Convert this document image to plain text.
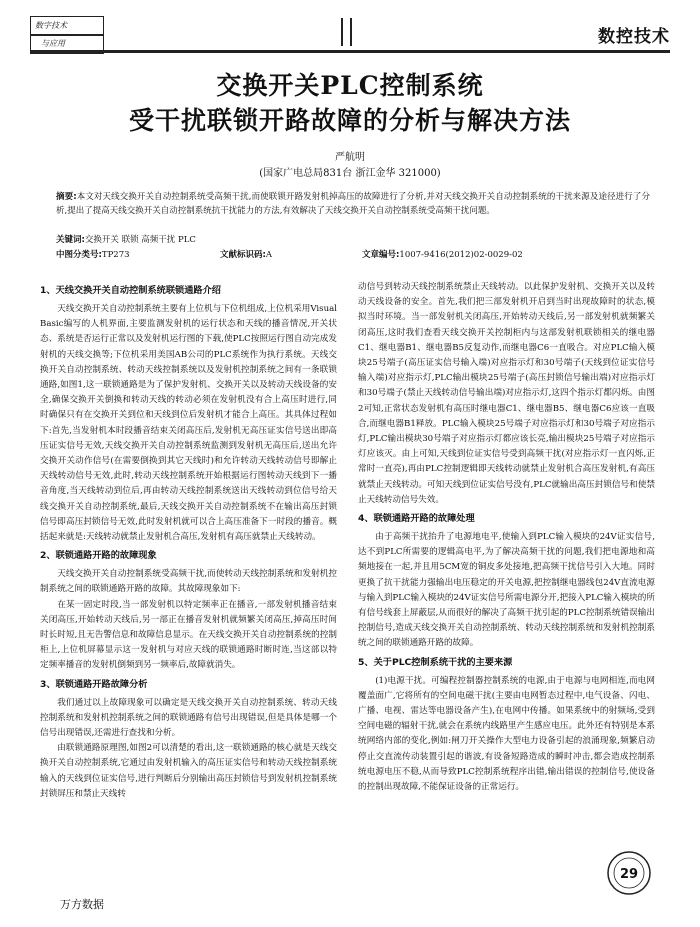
数字技术
与应用	数控技术
交换开关PLC控制系统
受干扰联锁开路故障的分析与解决方法
严航明
(国家广电总局831台 浙江金华 321000)
摘要:本文对天线交换开关自动控制系统受高频干扰,而使联锁开路发射机掉高压的故障进行了分析,并对天线交换开关自动控制系统的干扰来源及途径进行了分析,提出了提高天线交换开关自动控制系统抗干扰能力的方法,有效解决了天线交换开关自动控制系统受高频干扰问题。
关键词:交换开关 联锁 高频干扰 PLC
中图分类号:TP273	文献标识码:A	文章编号:1007-9416(2012)02-0029-02
1、天线交换开关自动控制系统联锁通路介绍

天线交换开关自动控制系统主要有上位机与下位机组成,上位机采用Visual Basic编写的人机界面,主要监测发射机的运行状态和天线的播音情况,开关状态、系统是否运行正常以及发射机运行图的下载,使PLC按照运行图自动完成发射机的天线交换等;下位机采用美国AB公司的PLC系统作为执行系统。天线交换开关自动控制系统、转动天线控制系统以及发射机控制系统之间有一条联锁通路,如图1,这一联锁通路是为了保护发射机、交换开关以及转动天线设备的安全,确保交换开关倒换和转动天线的转动必须在发射机没有合上高压时进行,同时确保只有在交换开关到位和天线到位后发射机才能合上高压。其具体过程如下:首先,当发射机本时段播音结束关闭高压后,发射机无高压证实信号送出即高压证实信号无效,天线交换开关自动控制系统监测到发射机无高压后,送出允许交换开关动作信号(在需要倒换到其它天线时)和允许转动天线转动信号即解止天线转动信号无效,此时,转动天线控制系统开始根据运行图转动天线到下一播音角度,当天线转动到位后,再由转动天线控制系统送出天线转动到位信号给天线交换开关自动控制系统,最后,天线交换开关自动控制系统不在输出高压封锁信号即高压封锁信号无效,此时发射机就可以合上高压准备下一时段的播音。概括起来就是:天线转动就禁止发射机合高压,发射机有高压就禁止天线转动。

2、联锁通路开路的故障现象

天线交换开关自动控制系统受高频干扰,而使转动天线控制系统和发射机控制系统之间的联锁通路开路的故障。其故障现象如下:

在某一固定时段,当一部发射机以特定频率正在播音,一部发射机播音结束关闭高压,开始转动天线后,另一部正在播音发射机就频繁关闭高压,掉高压时间时长时短,且无告警信息和故障信息显示。在天线交换开关自动控制系统的控制柜上,上位机屏幕显示这一发射机与对应天线的联锁通路时断时连,当这部以特定频率播音的发射机倒频到另一频率后,故障就消失。

3、联锁通路开路故障分析

我们通过以上故障现象可以确定是天线交换开关自动控制系统、转动天线控制系统和发射机控制系统之间的联锁通路有信号出现错误,但是具体是哪一个信号出现错误,还需进行查找和分析。

由联锁通路原理图,如图2可以清楚的看出,这一联锁通路的核心就是天线交换开关自动控制系统,它通过由发射机输入的高压证实信号和转动天线控制系统输入的天线到位证实信号,进行判断后分别输出高压封锁信号到发射机控制系统封锁屏压和禁止天线转

动信号到转动天线控制系统禁止天线转动。以此保护发射机、交换开关以及转动天线设备的安全。首先,我们把三部发射机开启到当时出现故障时的状态,模拟当时环境。当一部发射机关闭高压,开始转动天线后,另一部发射机就频繁关闭高压,这时我们查看天线交换开关控制柜内与这部发射机联锁相关的继电器C1、继电器B1、继电器B5反复动作,而继电器C6一直吸合。对应PLC输入模块25号端子(高压证实信号输入端)对应指示灯和30号端子(天线到位证实信号输入端)对应指示灯,PLC输出模块25号端子(高压封锁信号输出端)对应指示灯和30号端子(禁止天线转动信号输出端)对应指示灯,这四个指示灯都闪烁。由图2可知,正常状态发射机有高压时继电器C1、继电器B5、继电器C6应该一直吸合,而继电器B1释放。PLC输入模块25号端子对应指示灯和30号端子对应指示灯,PLC输出模块30号端子对应指示灯都应该长亮,输出模块25号端子对应指示灯应该灭。由上可知,天线到位证实信号受到高频干扰(对应指示灯一直闪烁,正常时一直亮),再由PLC控制逻辑即天线转动就禁止发射机合高压发射机,有高压就禁止天线转动。可知天线到位证实信号没有,PLC就输出高压封锁信号和使禁止天线转动信号失效。

4、联锁通路开路的故障处理

由于高频干扰抬升了电源地电平,使输入到PLC输入模块的24V证实信号,达不到PLC所需要的逻辑高电平,为了解决高频干扰的问题,我们把电源地和高频地接在一起,并且用5CM宽的铜皮多处接地,把高频干扰信号引入大地。同时更换了抗干扰能力强输出电压稳定的开关电源,把控制继电器线包24V直流电源与输入到PLC输入模块的24V证实信号所需电源分开,把接入PLC输入模块的所有信号线套上屏蔽层,从而很好的解决了高频干扰引起的PLC控制系统错误输出控制信号,造成天线交换开关自动控制系统、转动天线控制系统和发射机控制系统之间的联锁通路开路的故障。

5、关于PLC控制系统干扰的主要来源

(1)电源干扰。可编程控制器控制系统的电源,由于电源与电网相连,而电网覆盖面广,它将所有的空间电磁干扰(主要由电网暂态过程中,电气设备、闪电、广播、电视、雷达等电器设备产生),在电网中传播。如果系统中的射频场,受到空间电磁的辐射干扰,就会在系统内线路里产生感应电压。此外还有特别是本系统网络内部的变化,例如:闸刀开关操作大型电力设备引起的浪涌现象,频繁启动停止交直流传动装置引起的谐波,有设备短路造成的瞬时冲击,都会造成控制系统电源电压不稳,从而导致PLC控制系统程序出错,输出错误的控制信号,使设备的控制出现故障,不能保证设备的正常运行。

万方数据
29
